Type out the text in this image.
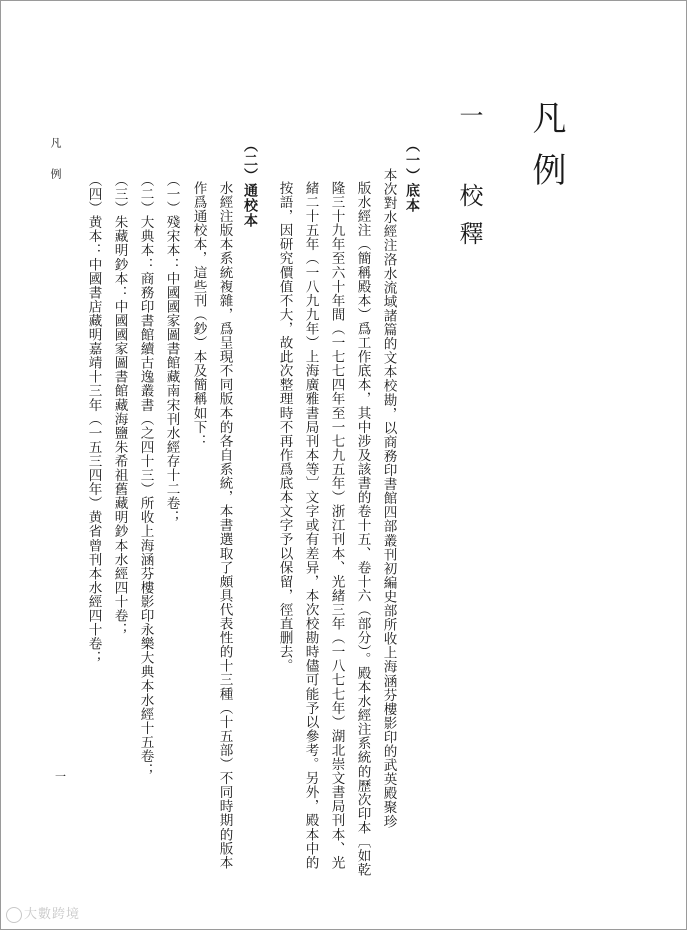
凡例
一 校釋
（一）底本
本次對水經注洛水流域諸篇的文本校勘，以商務印書館四部叢刊初編史部所收上海涵芬樓影印的武英殿聚珍
版水經注（簡稱殿本）爲工作底本，其中涉及該書的卷十五、卷十六（部分）。殿本水經注系統的歷次印本〔如乾
隆三十九年至六十年間（一七七四年至一七九五年）浙江刊本、光緒三年（一八七七年）湖北崇文書局刊本、光
緒二十五年（一八九九年）上海廣雅書局刊本等〕文字或有差异，本次校勘時儘可能予以參考。另外，殿本中的
按語，因研究價值不大，故此次整理時不再作爲底本文字予以保留，徑直删去。
（二）通校本
水經注版本系統複雜，爲呈現不同版本的各自系統，本書選取了頗具代表性的十三種（十五部）不同時期的版本
作爲通校本，這些刊（鈔）本及簡稱如下：
（一）殘宋本：中國國家圖書館藏南宋刊水經存十二卷；
（二）大典本：商務印書館續古逸叢書（之四十三）所收上海涵芬樓影印永樂大典本水經十五卷；
（三）朱藏明鈔本：中國國家圖書館藏海鹽朱希祖舊藏明鈔本水經四十卷；
（四）黄本：中國書店藏明嘉靖十三年（一五三四年）黄省曾刊本水經四十卷；
凡例
一
大數跨境
